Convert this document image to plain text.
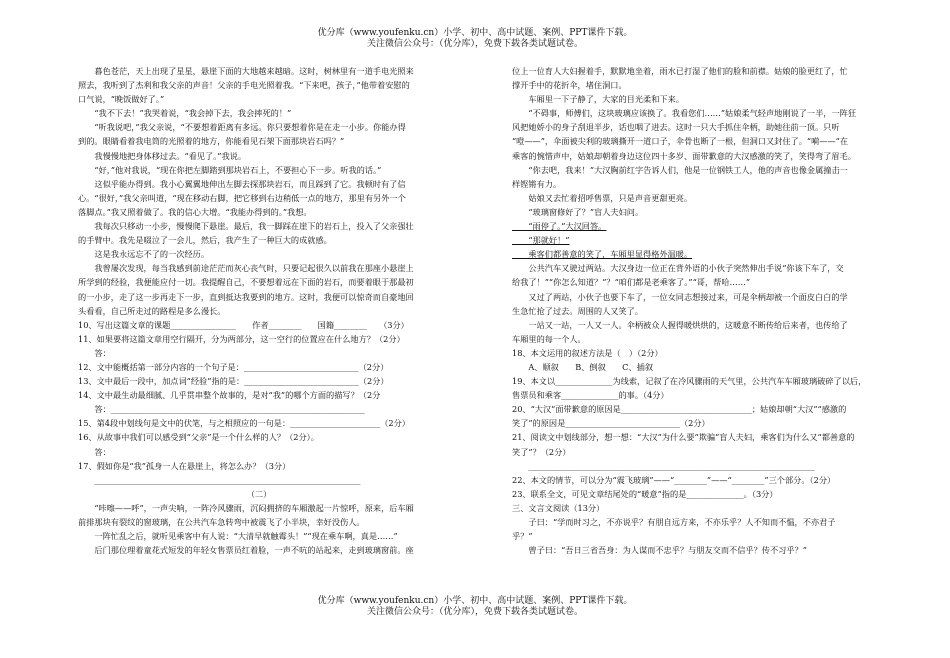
优分库（www.youfenku.cn）小学、初中、高中试题、案例、PPT课件下载。
关注微信公众号：（优分库），免费下载各类试题试卷。
　　暮色苍茫，天上出现了星星，悬崖下面的大地越来越暗。这时，树林里有一道手电光照来
照去，我听到了杰利和我父亲的声音！父亲的手电光照着我。“下来吧，孩子，”他带着安慰的
口气说，“晚饭做好了。”
　　“我不下去！”我哭着说，“我会掉下去，我会摔死的！”
　　“听我说吧，”我父亲说，“不要想着距离有多远。你只要想着你是在走一小步。你能办得
到的。眼睛看着我电筒的光照着的地方，你能看见石架下面那块岩石吗？”
　　我慢慢地把身体移过去。“看见了。”我说。
　　“好，”他对我说，“现在你把左脚踏到那块岩石上，不要担心下一步。听我的话。”
　　这似乎能办得到。我小心翼翼地伸出左脚去探那块岩石，而且踩到了它。我顿时有了信
心。“很好，”我父亲叫道，“现在移动右脚，把它移到右边稍低一点的地方，那里有另外一个
落脚点。”我又照着做了。我的信心大增。“我能办得到的。”我想。
　　我每次只移动一小步，慢慢爬下悬崖。最后，我一脚踩在崖下的岩石上，投入了父亲强壮
的手臂中。我先是啜泣了一会儿，然后，我产生了一种巨大的成就感。
　　这是我永远忘不了的一次经历。
　　我曾屡次发现，每当我感到前途茫茫而灰心丧气时，只要记起很久以前我在那座小悬崖上
所学到的经验，我便能应付一切。我提醒自己，不要想着远在下面的岩石，而要着眼于那最初
的一小步，走了这一步再走下一步，直到抵达我要到的地方。这时，我便可以惊奇而自豪地回
头看看，自己所走过的路程是多么漫长。
10、写出这篇文章的课题________________　　作者________　　国籍________　　（3分）
11、如果要将这篇文章用空行隔开，分为两部分，这一空行的位置应在什么地方？（2分）
　　答：
12、文中能概括第一部分内容的一个句子是：____________________________（2分）
13、文中最后一段中，加点词“经验”指的是：____________________________（2分）
14、文中最生动最细腻、几乎贯串整个故事的，是对“我”的哪个方面的描写？（2分
　　答：______________________________________________________________
15、第4段中划线句是文中的伏笔，与之相照应的一句是：______________________（2分）
16、从故事中我们可以感受到“父亲”是一个什么样的人？（2分）。
　　答：
17、假如你是“我”孤身一人在悬崖上，将怎么办？（3分）
　　_________________________________________________________________
（二）
　　“咔嚓——呼”，一声尖响，一阵冷风骤雨，沉闷拥挤的车厢激起一片惊呼，原来，后车厢
前排那块有裂纹的窗玻璃，在公共汽车急转弯中被震飞了小半块，幸好没伤人。
　　一阵忙乱之后，就听见乘客中有人说：“大清早就触霉头！”“现在乘车啊，真是……”
　　后门那位理着童花式短发的年轻女售票员红着脸，一声不吭的站起来，走到玻璃窗前。座
位上一位育人大妇握着手，默默地坐着，雨水已打湿了他们的脸和前襟。姑娘的脸更红了，忙
撑开手中的花折伞，堵住洞口。
　　车厢里一下子静了，大家的目光柔和下来。
　　“不碍事，师傅们，这块玻璃应该换了。我看您们……”姑娘柔气轻声地刚说了一半，一阵狂
风把她娇小的身子刮退半步，话也咽了进去。这时一只大手抓住伞柄，助她往前一顶。只听
“噔——”，伞面被尖利的玻璃撕开一道口子，伞骨也断了一根，但洞口又封住了。“嗬——”在
乘客的惋惜声中，姑娘却朝着身边这位四十多岁、面带歉意的大汉感激的笑了，笑得弯了眉毛。
　　“你去吧，我来！”大汉胸前红字告诉人们，他是一位钢铁工人，他的声音也像金属撞击一
样铿锵有力。
　　姑娘又去忙着招呼售票，只是声音更甜更亮。
　　“玻璃窗修好了？”盲人夫妇问。
　　“雨停了。”大汉回答。
　　“那就好！”
　　乘客们都善意的笑了，车厢里显得格外温暖。
　　公共汽车又驶过两站。大汉身边一位正在背外语的小伙子突然伸出手说“你该下车了，交
给我了！”“你怎么知道？”？“咱们都是老乘客了。”“哥，帮哈……”
　　又过了两站，小伙子也要下车了，一位女同志想接过来，可是伞柄却被一个面皮白白的学
生急忙抢了过去。周围的人又笑了。
　　一站又一站，一人又一人。伞柄被众人握得暖烘烘的，这暖意不断传给后来者，也传给了
车厢里的每一个人。
18、本文运用的叙述方法是（　）（2分）
　　A、顺叙　　B、倒叙　　C、插叙
19、本文以______________为线索，记叙了在冷风骤雨的天气里，公共汽车车厢玻璃破碎了以后，
售票员和乘客______________的事。（4分）
20、“大汉”面带歉意的原因是________________________________；姑娘却朝“大汉”“感激的
笑了”的原因是____________________________（2分）
21、阅读文中划线部分，想一想：“大汉”为什么要“欺骗”盲人夫妇，乘客们为什么又“都善意的
笑了”？（2分）
　　______________________________________________________________________
22、本文的情节，可以分为“震飞玻璃”——“________”——“________”三个部分。（2分）
23、联系全文，可见文章结尾处的“暖意”指的是______________。（3分）
三、文言文阅读（13分）
　　子曰：“学而时习之，不亦说乎？有朋自远方来，不亦乐乎？人不知而不愠，不亦君子
乎？”
　　曾子曰：“吾日三省吾身：为人谋而不忠乎？与朋友交而不信乎？传不习乎？”
优分库（www.youfenku.cn）小学、初中、高中试题、案例、PPT课件下载。
关注微信公众号：（优分库），免费下载各类试题试卷。
